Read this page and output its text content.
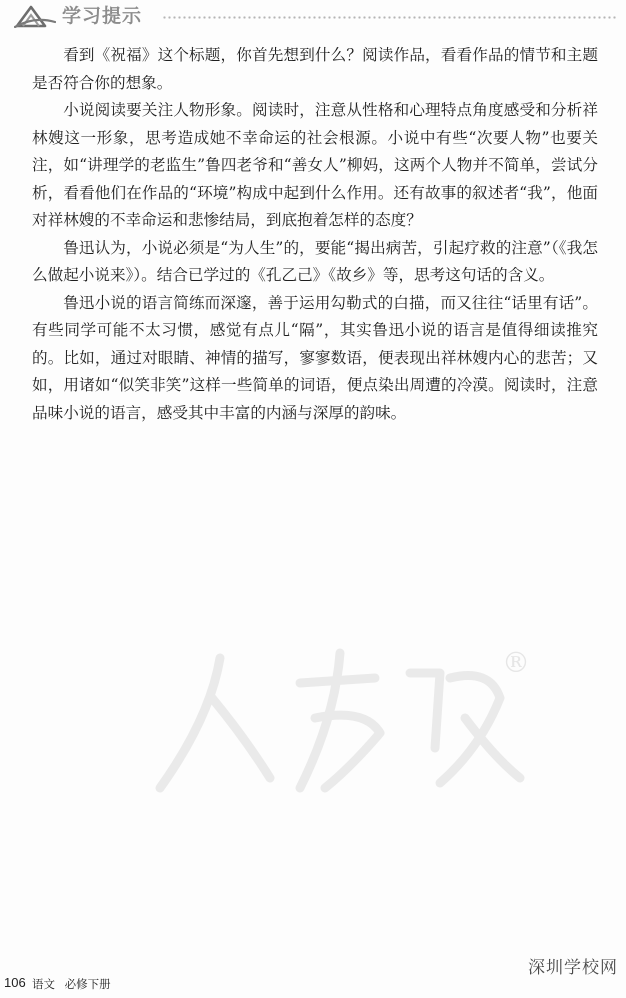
学习提示

看到《祝福》这个标题，你首先想到什么？阅读作品，看看作品的情节和主题是否符合你的想象。

小说阅读要关注人物形象。阅读时，注意从性格和心理特点角度感受和分析祥林嫂这一形象，思考造成她不幸命运的社会根源。小说中有些“次要人物”也要关注，如“讲理学的老监生”鲁四老爷和“善女人”柳妈，这两个人物并不简单，尝试分析，看看他们在作品的“环境”构成中起到什么作用。还有故事的叙述者“我”，他面对祥林嫂的不幸命运和悲惨结局，到底抱着怎样的态度？

鲁迅认为，小说必须是“为人生”的，要能“揭出病苦，引起疗救的注意”（《我怎么做起小说来》）。结合已学过的《孔乙己》《故乡》等，思考这句话的含义。

鲁迅小说的语言简练而深邃，善于运用勾勒式的白描，而又往往“话里有话”。有些同学可能不太习惯，感觉有点儿“隔”，其实鲁迅小说的语言是值得细读推究的。比如，通过对眼睛、神情的描写，寥寥数语，便表现出祥林嫂内心的悲苦；又如，用诸如“似笑非笑”这样一些简单的词语，便点染出周遭的冷漠。阅读时，注意品味小说的语言，感受其中丰富的内涵与深厚的韵味。

®
人教版
106 语文 必修下册
深圳学校网
